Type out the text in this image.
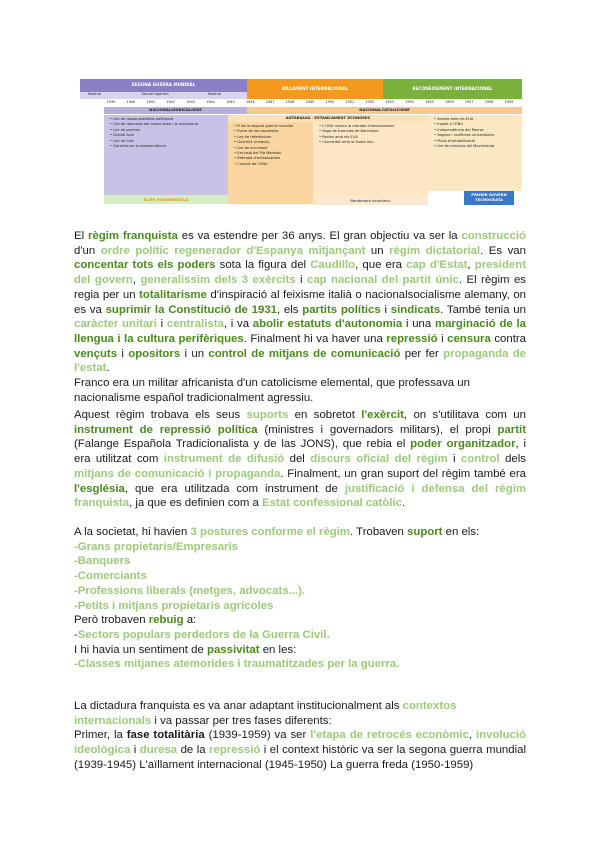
SEGONA GUERRA MUNDIAL
AÏLLAMENT INTERNACIONAL	RECONEIXEMENT INTERNACIONAL
Neutral	No-bel·ligerant	Neutral
1939	1940	1941	1942	1943	1944	1945	1946	1947	1948	1949	1950	1951	1952	1953	1954	1955	1956	1957	1958	1959
NACIONALSINDICALISME	NACIONALCATOLICISME
AUTARQUIA · ESTANCAMENT ECONÒMIC
• Llei de responsabilitats polítiques
• Llei de repressió del comunisme i la maçoneria
• Llei de premsa
• Divisió Azul
• Llei de Cort
• Garantia de la independència
• Fi de la segona guerra mundial
• Fuero de los españoles
• Ley de referèndum
• Guerrilla (maquis)
• Llei de successió
• Exclusió del Pla Marshall
• Retirada d'ambaixadors
• Creació de l'ONU
• L'ONU revoca la retirada d'ambaixadors
• Vaga de tramvies de Barcelona
• Pactes amb els EUA
• Concordat amb la Santa Seu
• Acords amb els EUA
• Ingrés a l'ONU
• Independència del Marroc
• Vagues i conflictes universitaris
• Plans d'estabilització
• Llei de principis del Movimiento
ELITS FONAMENTALS	Rendiment econòmic
PRIMER GOVERN TECNÒCRATA

El règim franquista es va estendre per 36 anys. El gran objectiu va ser la construcció d'un ordre polític regenerador d'Espanya mitjançant un règim dictatorial. Es van concentar tots els poders sota la figura del Caudillo, que era cap d'Estat, president del govern, generalissim dels 3 exèrcits i cap nacional del partit únic. El règim es regia per un totalitarisme d'inspiració al feixisme italià o nacionalsocialisme alemany, on es va suprimir la Constitució de 1931, els partits polítics i sindicats. També tenia un caràcter unitari i centralista, i va abolir estatuts d'autonomia i una marginació de la llengua i la cultura perifèriques. Finalment hi va haver una repressió i censura contra vençuts i opositors i un control de mitjans de comunicació per fer propaganda de l'estat.

Franco era un militar africanista d'un catolicisme elemental, que professava un nacionalisme español tradicionalment agressiu.

Aquest règim trobava els seus suports en sobretot l'exèrcit, on s'utilitava com un instrument de repressió política (ministres i governadors militars), el propi partit (Falange Española Tradicionalista y de las JONS), que rebia el poder organitzador, i era utilitzat com instrument de difusió del discurs oficial del règim i control dels mitjans de comunicació i propaganda. Finalment, un gran suport del règim també era l'església, que era utilitzada com instrument de justificació i defensa del règim franquista, ja que es definien com a Estat confessional catòlic.

A la societat, hi havien 3 postures conforme el règim. Trobaven suport en els:
-Grans propietaris/Empresaris
-Banquers
-Comerciants
-Professions liberals (metges, advocats...).
-Petits i mitjans propietaris agrícoles
Però trobaven rebuig a:
-Sectors populars perdedors de la Guerra Civil.
I hi havia un sentiment de passivitat en les:
-Classes mitjanes atemorides i traumatitzades per la guerra.

La dictadura franquista es va anar adaptant institucionalment als contextos internacionals i va passar per tres fases diferents:

Primer, la fase totalitària (1939-1959) va ser l'etapa de retrocés econòmic, involució ideològica i duresa de la repressió i el context històric va ser la segona guerra mundial (1939-1945) L'aïllament internacional (1945-1950) La guerra freda (1950-1959)
